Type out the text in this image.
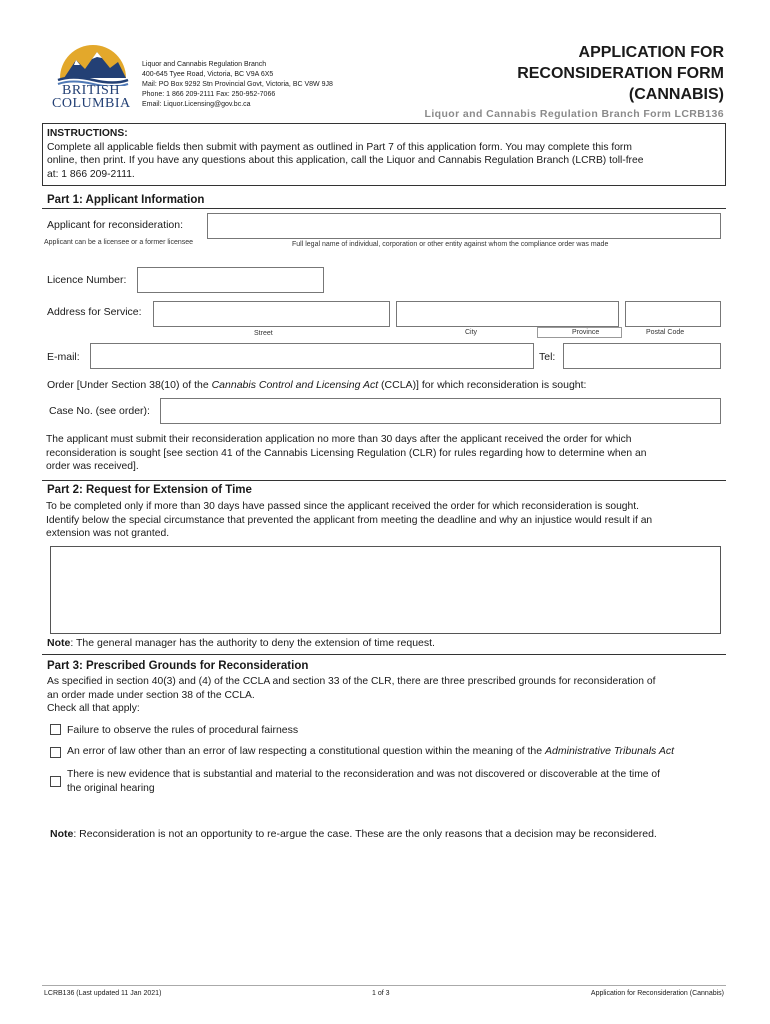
BRITISH
COLUMBIA
Liquor and Cannabis Regulation Branch
400-645 Tyee Road, Victoria, BC V9A 6X5
Mail: PO Box 9292 Stn Provincial Govt, Victoria, BC V8W 9J8
Phone: 1 866 209-2111 Fax: 250-952-7066
Email: Liquor.Licensing@gov.bc.ca
APPLICATION FOR
RECONSIDERATION FORM
(CANNABIS)
Liquor and Cannabis Regulation Branch Form LCRB136
INSTRUCTIONS:
Complete all applicable fields then submit with payment as outlined in Part 7 of this application form. You may complete this form
online, then print. If you have any questions about this application, call the Liquor and Cannabis Regulation Branch (LCRB) toll-free
at: 1 866 209-2111.
Part 1: Applicant Information
Applicant for reconsideration:
Applicant can be a licensee or a former licensee	Full legal name of individual, corporation or other entity against whom the compliance order was made
Licence Number:
Address for Service:
Street	City	Province	Postal Code
E-mail:	Tel:
Order [Under Section 38(10) of the Cannabis Control and Licensing Act (CCLA)] for which reconsideration is sought:
Case No. (see order):
The applicant must submit their reconsideration application no more than 30 days after the applicant received the order for which
reconsideration is sought [see section 41 of the Cannabis Licensing Regulation (CLR) for rules regarding how to determine when an
order was received].
Part 2: Request for Extension of Time
To be completed only if more than 30 days have passed since the applicant received the order for which reconsideration is sought.
Identify below the special circumstance that prevented the applicant from meeting the deadline and why an injustice would result if an
extension was not granted.
Note: The general manager has the authority to deny the extension of time request.
Part 3: Prescribed Grounds for Reconsideration
As specified in section 40(3) and (4) of the CCLA and section 33 of the CLR, there are three prescribed grounds for reconsideration of
an order made under section 38 of the CCLA.
Check all that apply:
Failure to observe the rules of procedural fairness
An error of law other than an error of law respecting a constitutional question within the meaning of the Administrative Tribunals Act
There is new evidence that is substantial and material to the reconsideration and was not discovered or discoverable at the time of
the original hearing
Note: Reconsideration is not an opportunity to re-argue the case. These are the only reasons that a decision may be reconsidered.
LCRB136 (Last updated 11 Jan 2021)	1 of 3	Application for Reconsideration (Cannabis)
